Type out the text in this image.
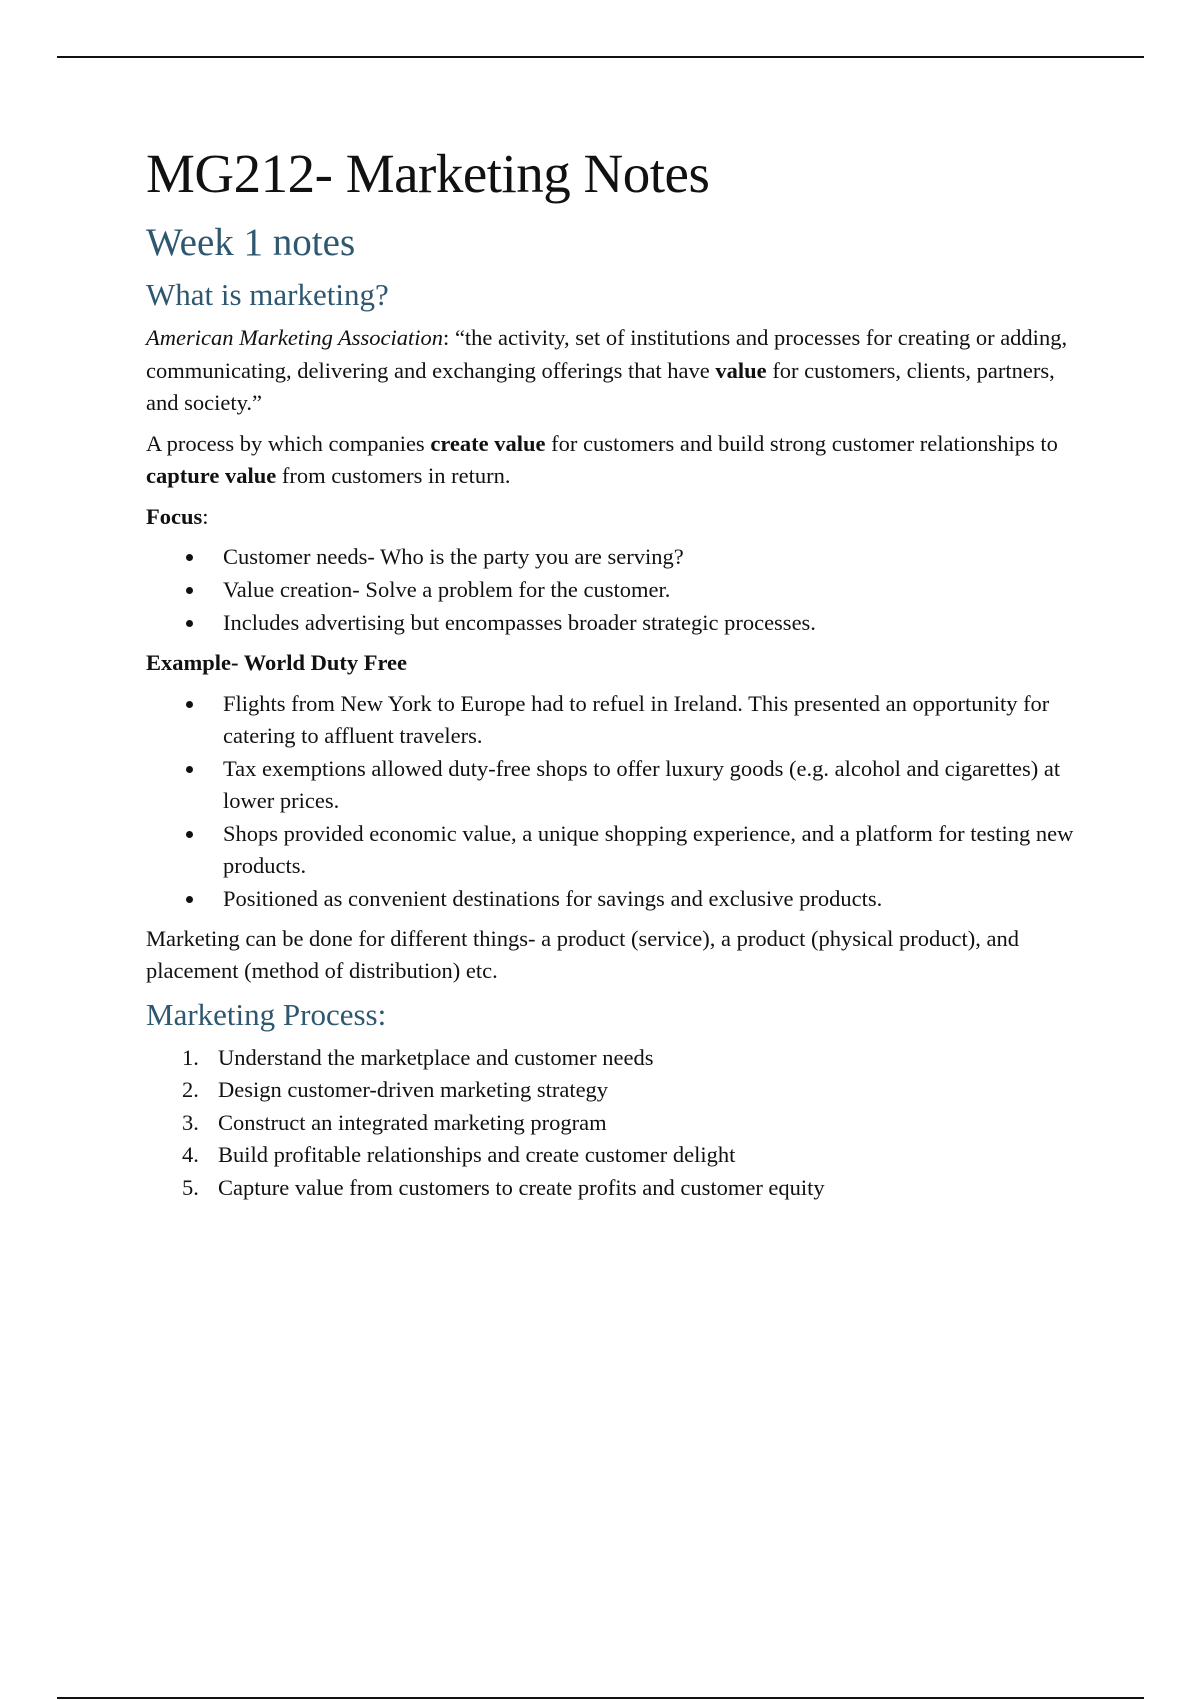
MG212- Marketing Notes
Week 1 notes
What is marketing?

American Marketing Association: “the activity, set of institutions and processes for creating or adding, communicating, delivering and exchanging offerings that have value for customers, clients, partners, and society.”

A process by which companies create value for customers and build strong customer relationships to capture value from customers in return.

Focus:

Customer needs- Who is the party you are serving?
Value creation- Solve a problem for the customer.
Includes advertising but encompasses broader strategic processes.

Example- World Duty Free

Flights from New York to Europe had to refuel in Ireland. This presented an opportunity for catering to affluent travelers.
Tax exemptions allowed duty-free shops to offer luxury goods (e.g. alcohol and cigarettes) at lower prices.
Shops provided economic value, a unique shopping experience, and a platform for testing new products.
Positioned as convenient destinations for savings and exclusive products.

Marketing can be done for different things- a product (service), a product (physical product), and placement (method of distribution) etc.

Marketing Process:
1. Understand the marketplace and customer needs
2. Design customer-driven marketing strategy
3. Construct an integrated marketing program
4. Build profitable relationships and create customer delight
5. Capture value from customers to create profits and customer equity
